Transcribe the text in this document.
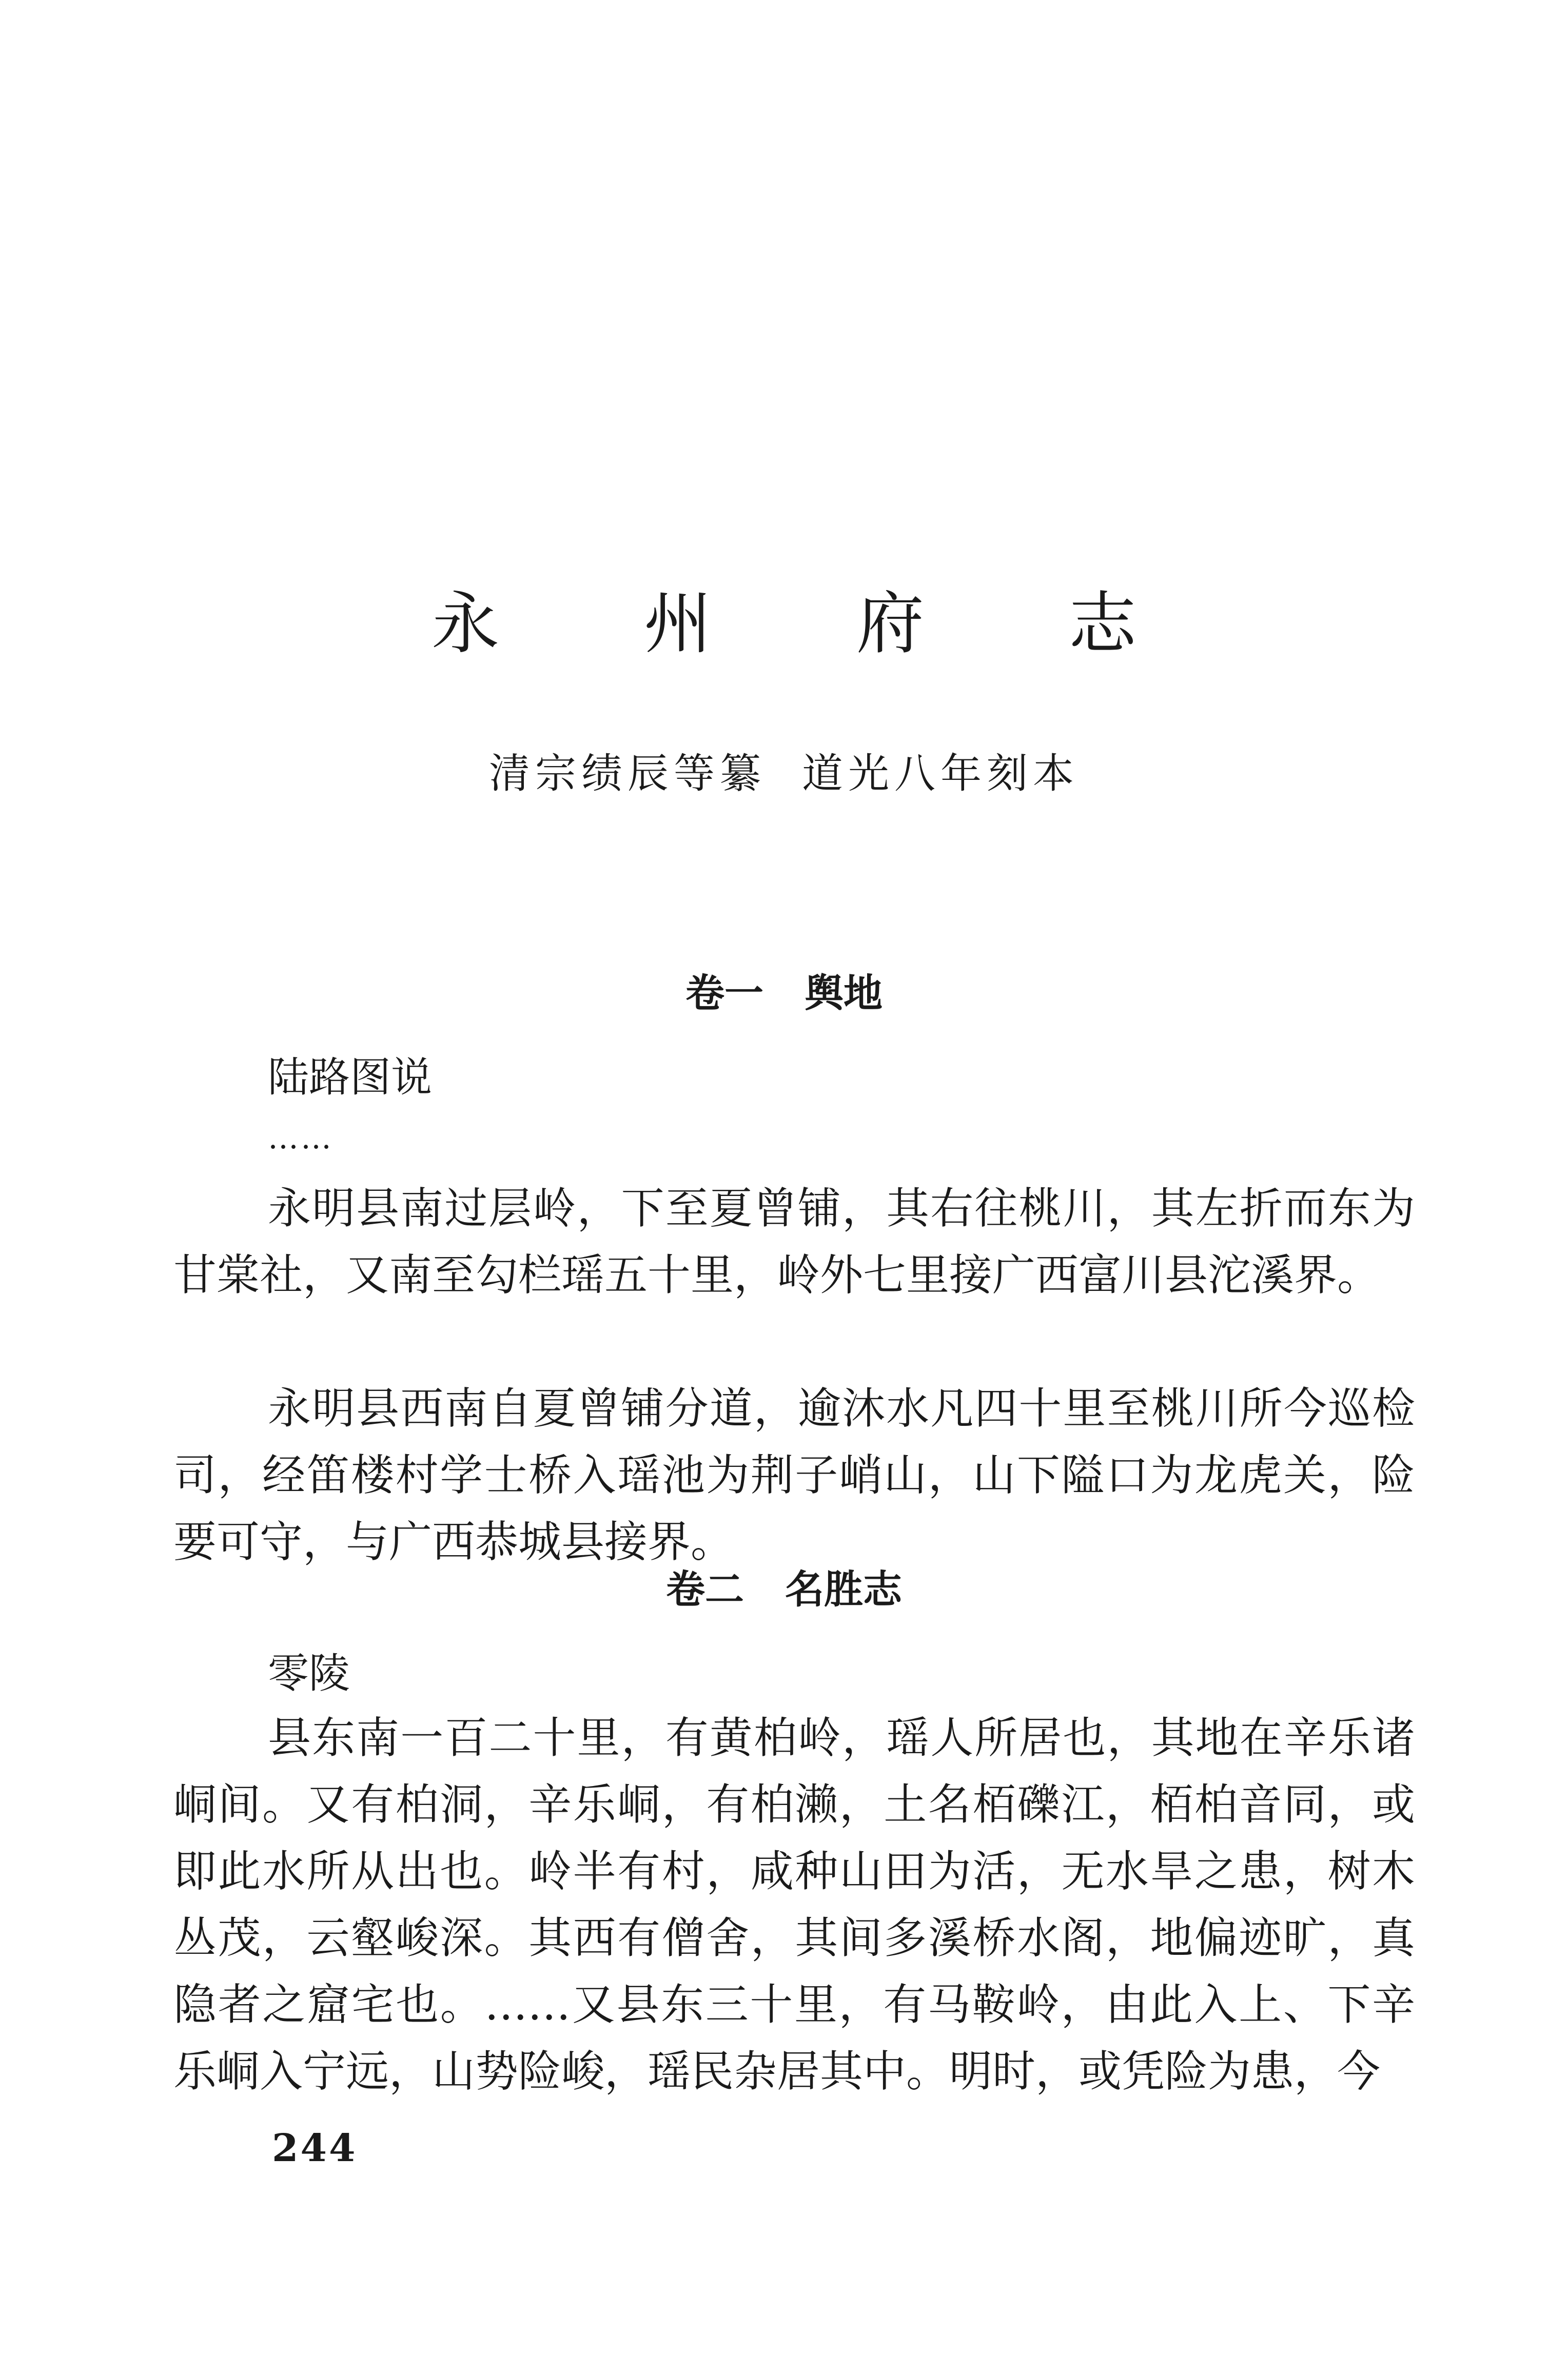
永 州 府 志
清宗绩辰等纂 道光八年刻本
卷一 舆地
陆路图说
……

永明县南过层岭，下至夏曾铺，其右往桃川，其左折而东为甘棠社，又南至勾栏瑶五十里，岭外七里接广西富川县沱溪界。

永明县西南自夏曾铺分道，逾沐水凡四十里至桃川所今巡检司，经笛楼村学士桥入瑶池为荆子峭山，山下隘口为龙虎关，险要可守，与广西恭城县接界。

卷二 名胜志
零陵

县东南一百二十里，有黄柏岭，瑶人所居也，其地在辛乐诸峒间。又有柏洞，辛乐峒，有柏濑，土名栢礫江，栢柏音同，或即此水所从出也。岭半有村，咸种山田为活，无水旱之患，树木丛茂，云壑峻深。其西有僧舍，其间多溪桥水阁，地偏迹旷，真隐者之窟宅也。……又县东三十里，有马鞍岭，由此入上、下辛乐峒入宁远，山势险峻，瑶民杂居其中。明时，或凭险为患，今

244
